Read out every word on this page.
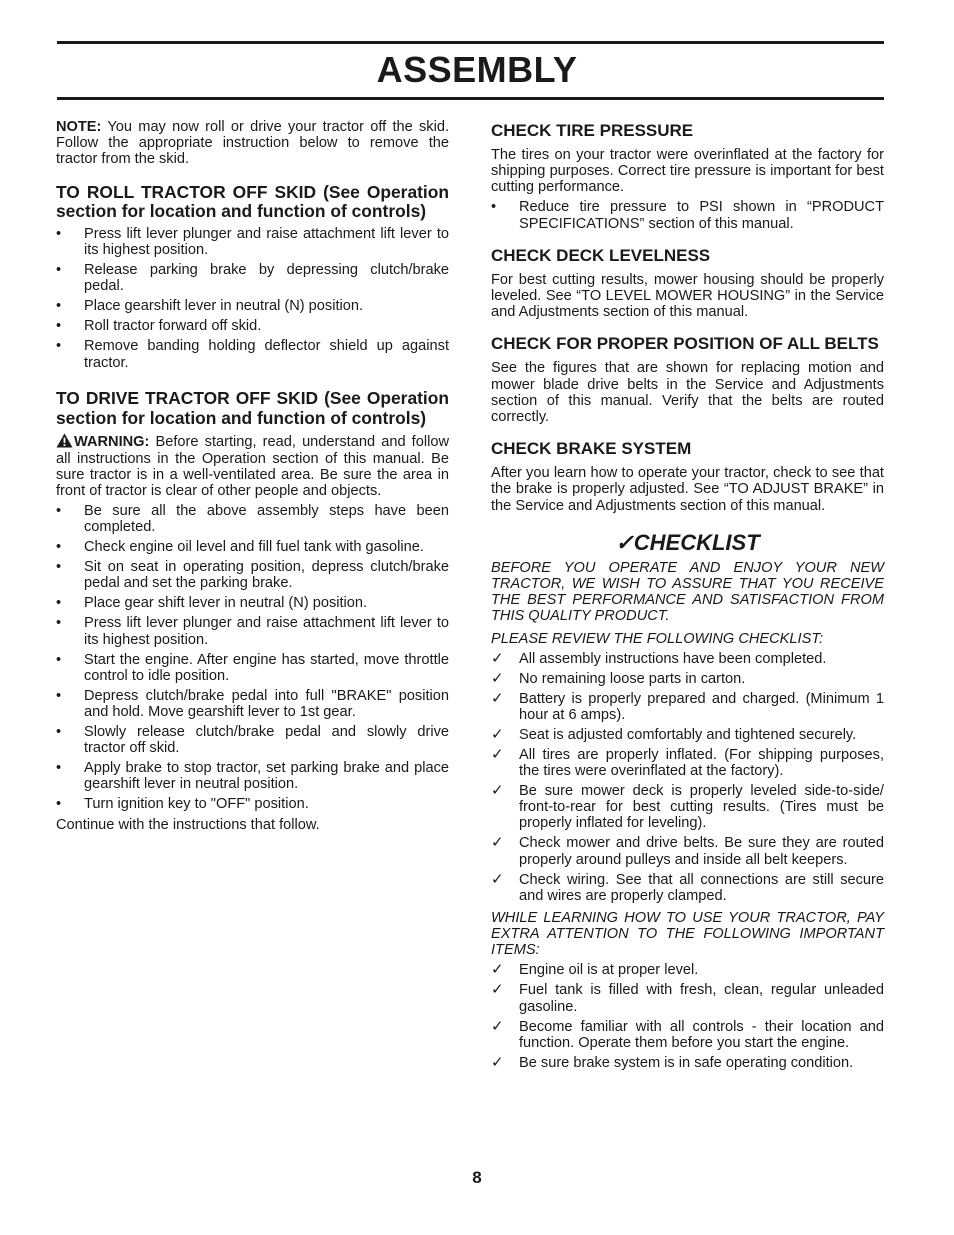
ASSEMBLY

NOTE: You may now roll or drive your tractor off the skid. Follow the appropriate instruction below to remove the tractor from the skid.

TO ROLL TRACTOR OFF SKID (See Operation section for location and function of controls)
• Press lift lever plunger and raise attachment lift lever to its highest position.
• Release parking brake by depressing clutch/brake pedal.
• Place gearshift lever in neutral (N) position.
• Roll tractor forward off skid.
• Remove banding holding deflector shield up against tractor.
TO DRIVE TRACTOR OFF SKID (See Operation section for location and function of controls)

WARNING: Before starting, read, understand and follow all instructions in the Operation section of this manual. Be sure tractor is in a well-ventilated area. Be sure the area in front of tractor is clear of other people and objects.

• Be sure all the above assembly steps have been completed.
• Check engine oil level and fill fuel tank with gasoline.
• Sit on seat in operating position, depress clutch/brake pedal and set the parking brake.
• Place gear shift lever in neutral (N) position.
• Press lift lever plunger and raise attachment lift lever to its highest position.
• Start the engine. After engine has started, move throttle control to idle position.
• Depress clutch/brake pedal into full "BRAKE" position and hold. Move gearshift lever to 1st gear.
• Slowly release clutch/brake pedal and slowly drive tractor off skid.
• Apply brake to stop tractor, set parking brake and place gearshift lever in neutral position.
• Turn ignition key to "OFF" position.

Continue with the instructions that follow.

CHECK TIRE PRESSURE

The tires on your tractor were overinflated at the factory for shipping purposes. Correct tire pressure is important for best cutting performance.

• Reduce tire pressure to PSI shown in “PRODUCT SPECIFICATIONS” section of this manual.
CHECK DECK LEVELNESS

For best cutting results, mower housing should be properly leveled. See “TO LEVEL MOWER HOUSING” in the Service and Adjustments section of this manual.

CHECK FOR PROPER POSITION OF ALL BELTS

See the figures that are shown for replacing motion and mower blade drive belts in the Service and Adjustments section of this manual. Verify that the belts are routed correctly.

CHECK BRAKE SYSTEM

After you learn how to operate your tractor, check to see that the brake is properly adjusted. See “TO ADJUST BRAKE” in the Service and Adjustments section of this manual.

✓CHECKLIST

BEFORE YOU OPERATE AND ENJOY YOUR NEW TRACTOR, WE WISH TO ASSURE THAT YOU RECEIVE THE BEST PERFORMANCE AND SATISFACTION FROM THIS QUALITY PRODUCT.

PLEASE REVIEW THE FOLLOWING CHECKLIST:

✓ All assembly instructions have been completed.
✓ No remaining loose parts in carton.
✓ Battery is properly prepared and charged. (Minimum 1 hour at 6 amps).
✓ Seat is adjusted comfortably and tightened securely.
✓ All tires are properly inflated. (For shipping purposes, the tires were overinflated at the factory).
✓ Be sure mower deck is properly leveled side-to-side/ front-to-rear for best cutting results. (Tires must be properly inflated for leveling).
✓ Check mower and drive belts. Be sure they are routed properly around pulleys and inside all belt keepers.
✓ Check wiring. See that all connections are still secure and wires are properly clamped.

WHILE LEARNING HOW TO USE YOUR TRACTOR, PAY EXTRA ATTENTION TO THE FOLLOWING IMPORTANT ITEMS:

✓ Engine oil is at proper level.
✓ Fuel tank is filled with fresh, clean, regular unleaded gasoline.
✓ Become familiar with all controls - their location and function. Operate them before you start the engine.
✓ Be sure brake system is in safe operating condition.
8
